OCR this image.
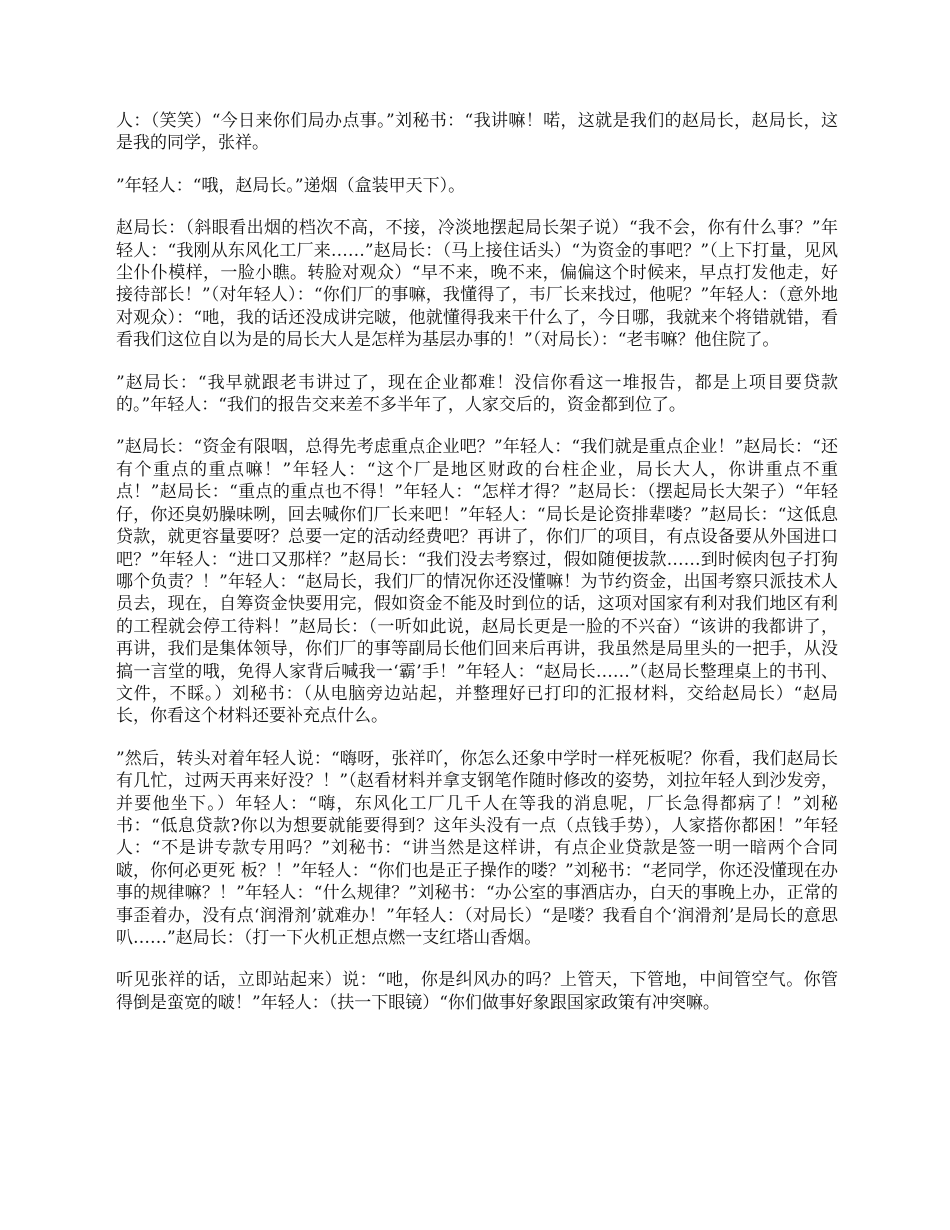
人：（笑笑）“今日来你们局办点事。”刘秘书：“我讲嘛！喏，这就是我们的赵局长，赵局长，这是我的同学，张祥。

”年轻人：“哦，赵局长。”递烟（盒装甲天下）。

赵局长：（斜眼看出烟的档次不高，不接，冷淡地摆起局长架子说）“我不会，你有什么事？”年轻人：“我刚从东风化工厂来……”赵局长：（马上接住话头）“为资金的事吧？”（上下打量，见风尘仆仆模样，一脸小瞧。转脸对观众）“早不来，晚不来，偏偏这个时候来，早点打发他走，好接待部长！”（对年轻人）：“你们厂的事嘛，我懂得了，韦厂长来找过，他呢？”年轻人：（意外地对观众）：“吔，我的话还没成讲完啵，他就懂得我来干什么了，今日哪，我就来个将错就错，看看我们这位自以为是的局长大人是怎样为基层办事的！”（对局长）：“老韦嘛？他住院了。

”赵局长：“我早就跟老韦讲过了，现在企业都难！没信你看这一堆报告，都是上项目要贷款的。”年轻人：“我们的报告交来差不多半年了，人家交后的，资金都到位了。

”赵局长：“资金有限咽，总得先考虑重点企业吧？”年轻人：“我们就是重点企业！”赵局长：“还有个重点的重点嘛！”年轻人：“这个厂是地区财政的台柱企业，局长大人，你讲重点不重点！”赵局长：“重点的重点也不得！”年轻人：“怎样才得？”赵局长：（摆起局长大架子）“年轻仔，你还臭奶臊味咧，回去喊你们厂长来吧！”年轻人：“局长是论资排辈喽？”赵局长：“这低息贷款，就更容量要呀？总要一定的活动经费吧？再讲了，你们厂的项目，有点设备要从外国进口吧？”年轻人：“进口又那样？”赵局长：“我们没去考察过，假如随便拔款……到时候肉包子打狗哪个负责？！”年轻人：“赵局长，我们厂的情况你还没懂嘛！为节约资金，出国考察只派技术人员去，现在，自筹资金快要用完，假如资金不能及时到位的话，这项对国家有利对我们地区有利的工程就会停工待料！”赵局长：（一听如此说，赵局长更是一脸的不兴奋）“该讲的我都讲了，再讲，我们是集体领导，你们厂的事等副局长他们回来后再讲，我虽然是局里头的一把手，从没搞一言堂的哦，免得人家背后喊我一‘霸’手！”年轻人：“赵局长……”（赵局长整理桌上的书刊、文件，不睬。）刘秘书：（从电脑旁边站起，并整理好已打印的汇报材料，交给赵局长）“赵局长，你看这个材料还要补充点什么。

”然后，转头对着年轻人说：“嗨呀，张祥吖，你怎么还象中学时一样死板呢？你看，我们赵局长有几忙，过两天再来好没？！”（赵看材料并拿支钢笔作随时修改的姿势，刘拉年轻人到沙发旁，并要他坐下。）年轻人：“嗨，东风化工厂几千人在等我的消息呢，厂长急得都病了！”刘秘书：“低息贷款?你以为想要就能要得到？这年头没有一点（点钱手势），人家搭你都困！”年轻人：“不是讲专款专用吗？”刘秘书：“讲当然是这样讲，有点企业贷款是签一明一暗两个合同啵，你何必更死 板？！”年轻人：“你们也是正子操作的喽？”刘秘书：“老同学，你还没懂现在办事的规律嘛？！”年轻人：“什么规律？”刘秘书：“办公室的事酒店办，白天的事晚上办，正常的事歪着办，没有点‘润滑剂’就难办！”年轻人：（对局长）“是喽？我看自个‘润滑剂’是局长的意思叭……”赵局长：（打一下火机正想点燃一支红塔山香烟。

听见张祥的话，立即站起来）说：“吔，你是纠风办的吗？上管天，下管地，中间管空气。你管得倒是蛮宽的啵！”年轻人：（扶一下眼镜）“你们做事好象跟国家政策有冲突嘛。
